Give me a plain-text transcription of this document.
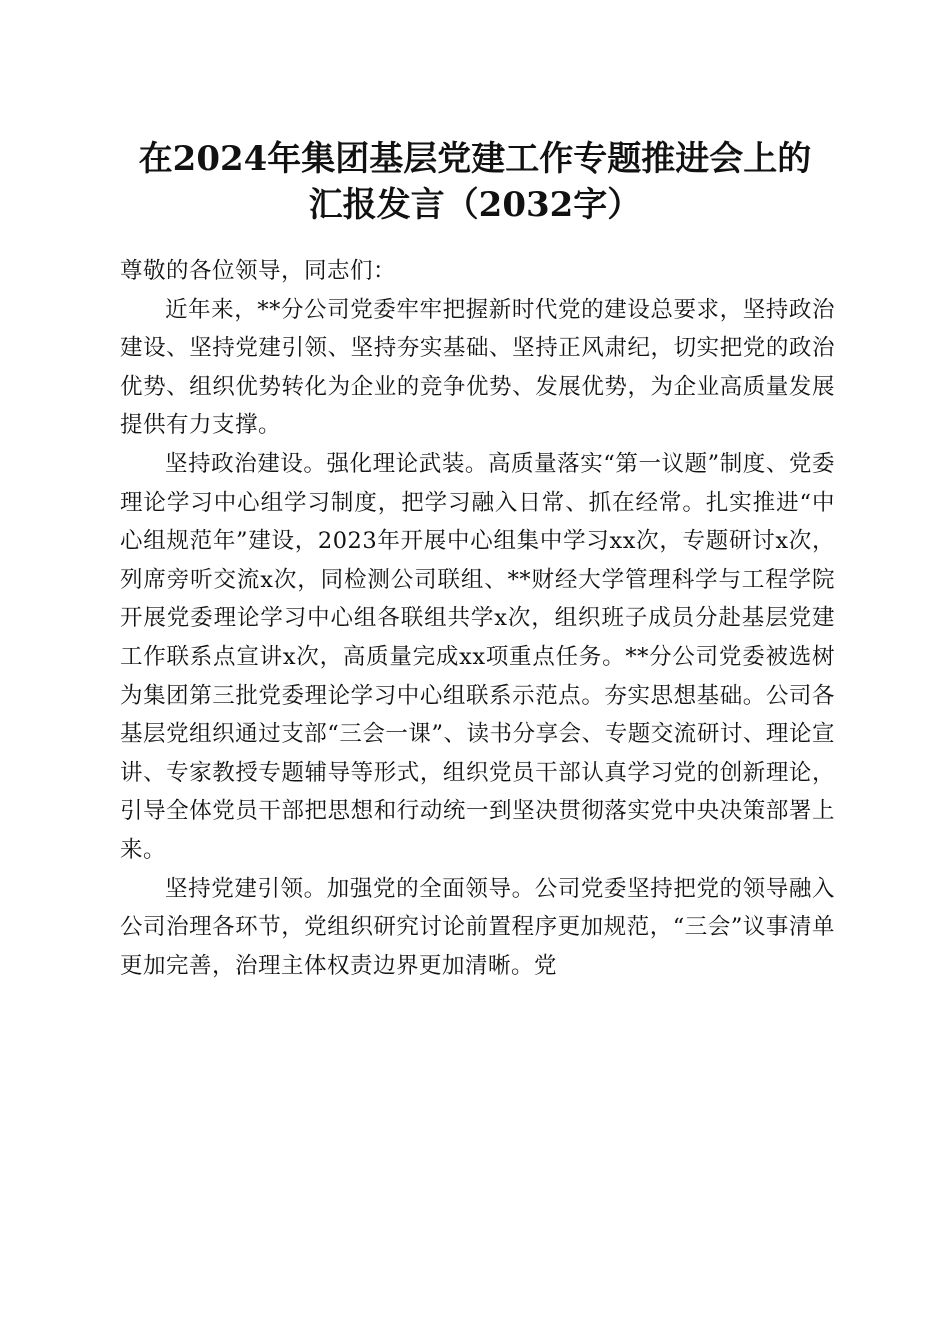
在2024年集团基层党建工作专题推进会上的
汇报发言（2032字）

尊敬的各位领导，同志们：

近年来，**分公司党委牢牢把握新时代党的建设总要求，坚持政治建设、坚持党建引领、坚持夯实基础、坚持正风肃纪，切实把党的政治优势、组织优势转化为企业的竞争优势、发展优势，为企业高质量发展提供有力支撑。

坚持政治建设。强化理论武装。高质量落实“第一议题”制度、党委理论学习中心组学习制度，把学习融入日常、抓在经常。扎实推进“中心组规范年”建设，2023年开展中心组集中学习xx次，专题研讨x次，列席旁听交流x次，同检测公司联组、**财经大学管理科学与工程学院开展党委理论学习中心组各联组共学x次，组织班子成员分赴基层党建工作联系点宣讲x次，高质量完成xx项重点任务。**分公司党委被选树为集团第三批党委理论学习中心组联系示范点。夯实思想基础。公司各基层党组织通过支部“三会一课”、读书分享会、专题交流研讨、理论宣讲、专家教授专题辅导等形式，组织党员干部认真学习党的创新理论，引导全体党员干部把思想和行动统一到坚决贯彻落实党中央决策部署上来。

坚持党建引领。加强党的全面领导。公司党委坚持把党的领导融入公司治理各环节，党组织研究讨论前置程序更加规范，“三会”议事清单更加完善，治理主体权责边界更加清晰。党
